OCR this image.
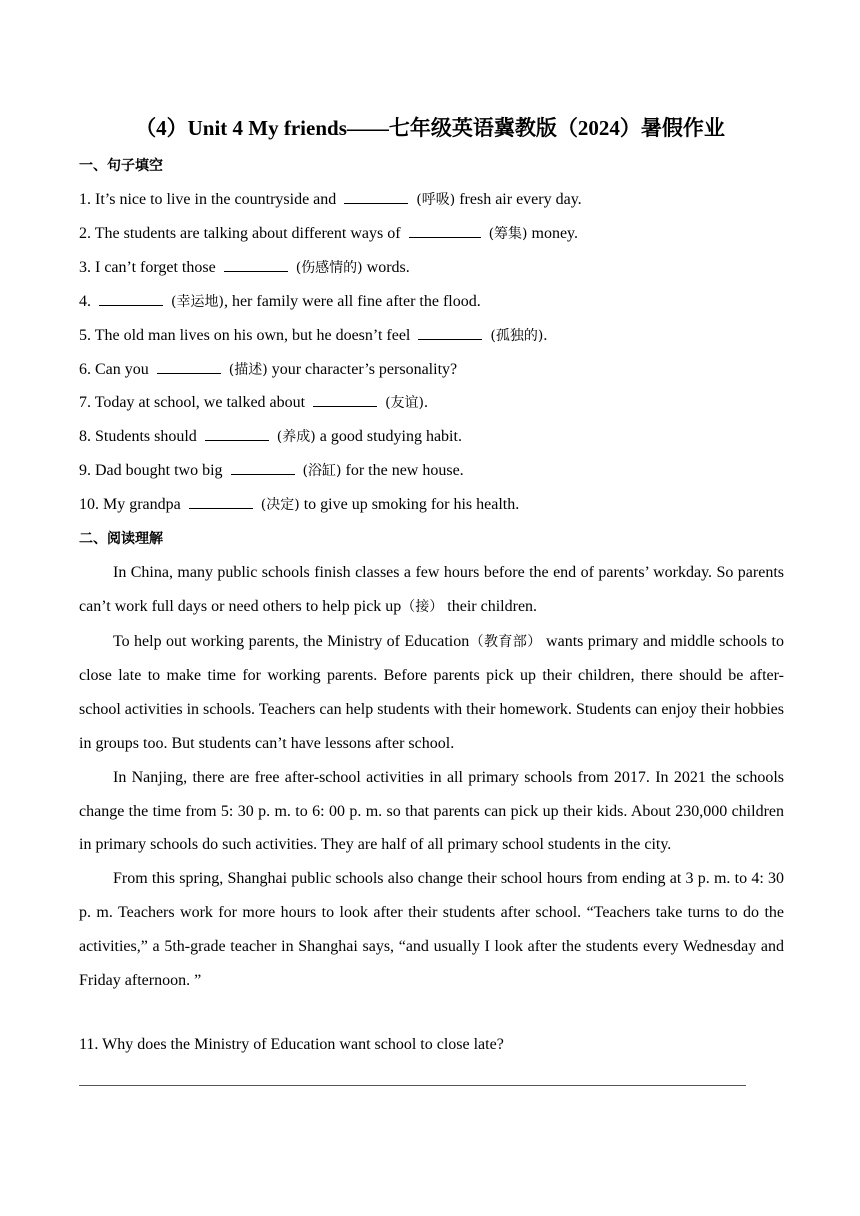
（4）Unit 4 My friends——七年级英语冀教版（2024）暑假作业
一、句子填空
1. It’s nice to live in the countryside and	(呼吸) fresh air every day.
2. The students are talking about different ways of	(筹集) money.
3. I can’t forget those	(伤感情的) words.
4.	(幸运地), her family were all fine after the flood.
5. The old man lives on his own, but he doesn’t feel	(孤独的).
6. Can you	(描述) your character’s personality?
7. Today at school, we talked about	(友谊).
8. Students should	(养成) a good studying habit.
9. Dad bought two big	(浴缸) for the new house.
10. My grandpa	(决定) to give up smoking for his health.
二、阅读理解

In China, many public schools finish classes a few hours before the end of parents’ workday. So parents can’t work full days or need others to help pick up（接） their children.

To help out working parents, the Ministry of Education（教育部） wants primary and middle schools to close late to make time for working parents. Before parents pick up their children, there should be after-school activities in schools. Teachers can help students with their homework. Students can enjoy their hobbies in groups too. But students can’t have lessons after school.

In Nanjing, there are free after-school activities in all primary schools from 2017. In 2021 the schools change the time from 5: 30 p. m. to 6: 00 p. m. so that parents can pick up their kids. About 230,000 children in primary schools do such activities. They are half of all primary school students in the city.

From this spring, Shanghai public schools also change their school hours from ending at 3 p. m. to 4: 30 p. m. Teachers work for more hours to look after their students after school. “Teachers take turns to do the activities,” a 5th-grade teacher in Shanghai says, “and usually I look after the students every Wednesday and Friday afternoon. ”

11. Why does the Ministry of Education want school to close late?
